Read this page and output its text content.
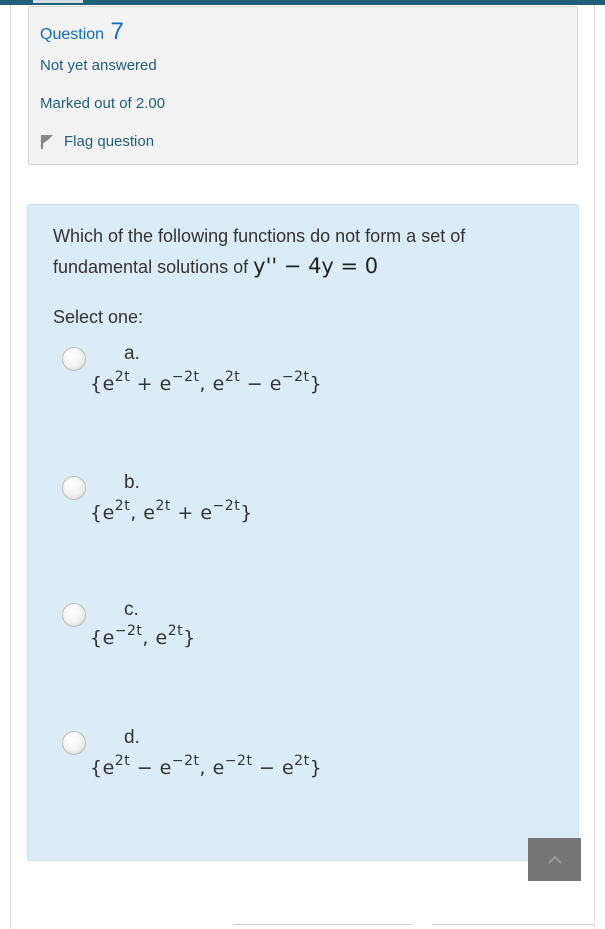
Question 7
Not yet answered
Marked out of 2.00
Flag question
Which of the following functions do not form a set of fundamental solutions of y'' − 4y = 0
Select one:
a.
{$e^{2t} + e^{-2t}$, $e^{2t} - e^{-2t}$}
b.
{$e^{2t}$, $e^{2t} + e^{-2t}$}
c.
{$e^{-2t}$, $e^{2t}$}
d.
{$e^{2t} - e^{-2t}$, $e^{-2t} - e^{2t}$}
